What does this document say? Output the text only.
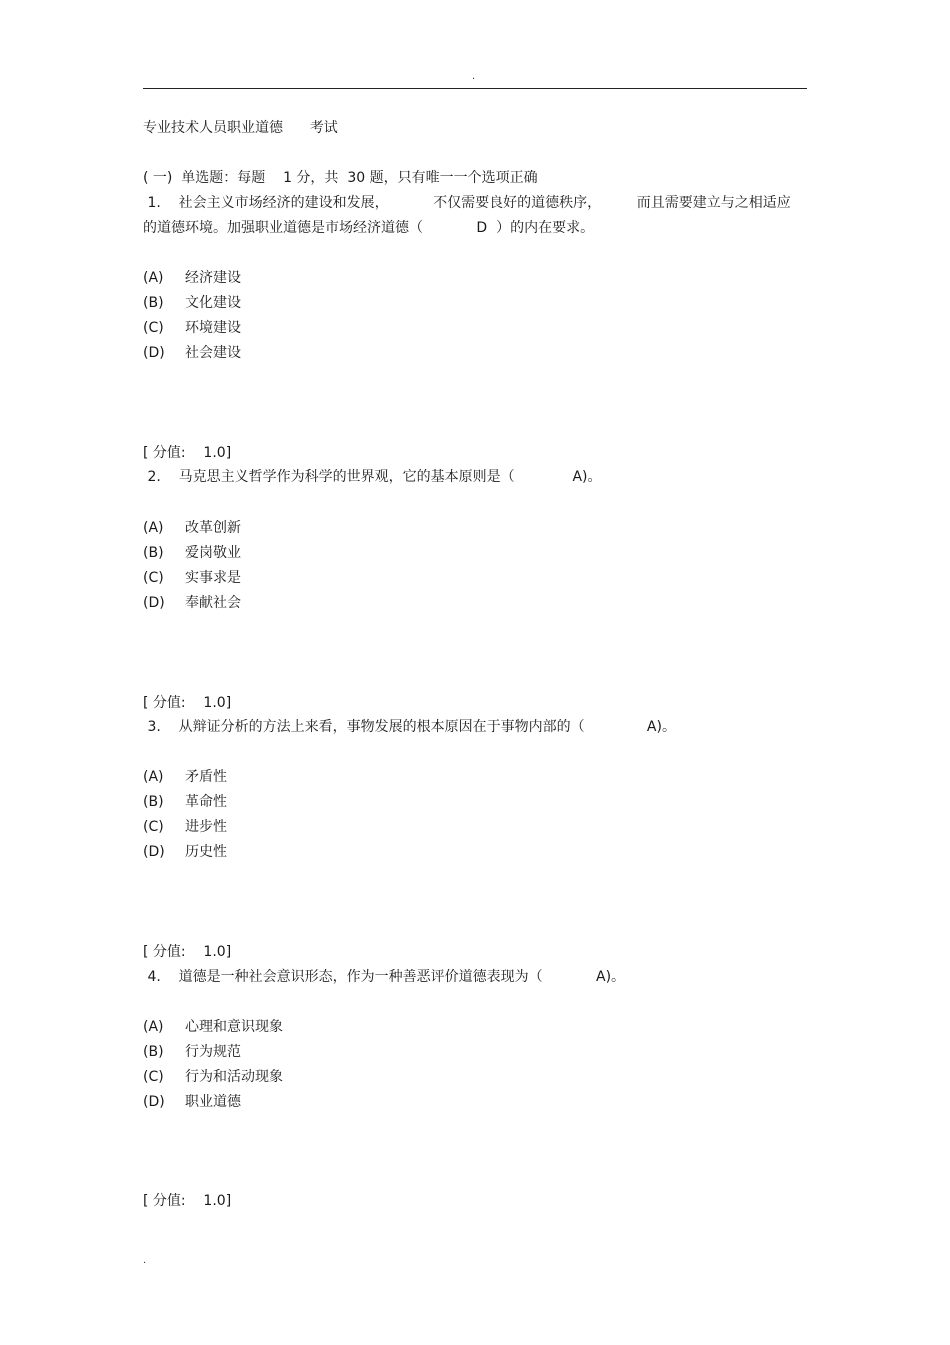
.
专业技术人员职业道德      考试
( 一)  单选题：每题    1 分，共  30 题，只有唯一一个选项正确
1.    社会主义市场经济的建设和发展，          不仅需要良好的道德秩序，        而且需要建立与之相适应
的道德环境。加强职业道德是市场经济道德（            D  ）的内在要求。
(A) 经济建设
(B) 文化建设
(C) 环境建设
(D) 社会建设
[ 分值:    1.0]
2.    马克思主义哲学作为科学的世界观，它的基本原则是（             A)。
(A) 改革创新
(B) 爱岗敬业
(C) 实事求是
(D) 奉献社会
[ 分值:    1.0]
3.    从辩证分析的方法上来看，事物发展的根本原因在于事物内部的（              A)。
(A) 矛盾性
(B) 革命性
(C) 进步性
(D) 历史性
[ 分值:    1.0]
4.    道德是一种社会意识形态，作为一种善恶评价道德表现为（            A)。
(A) 心理和意识现象
(B) 行为规范
(C) 行为和活动现象
(D) 职业道德
[ 分值:    1.0]
.
